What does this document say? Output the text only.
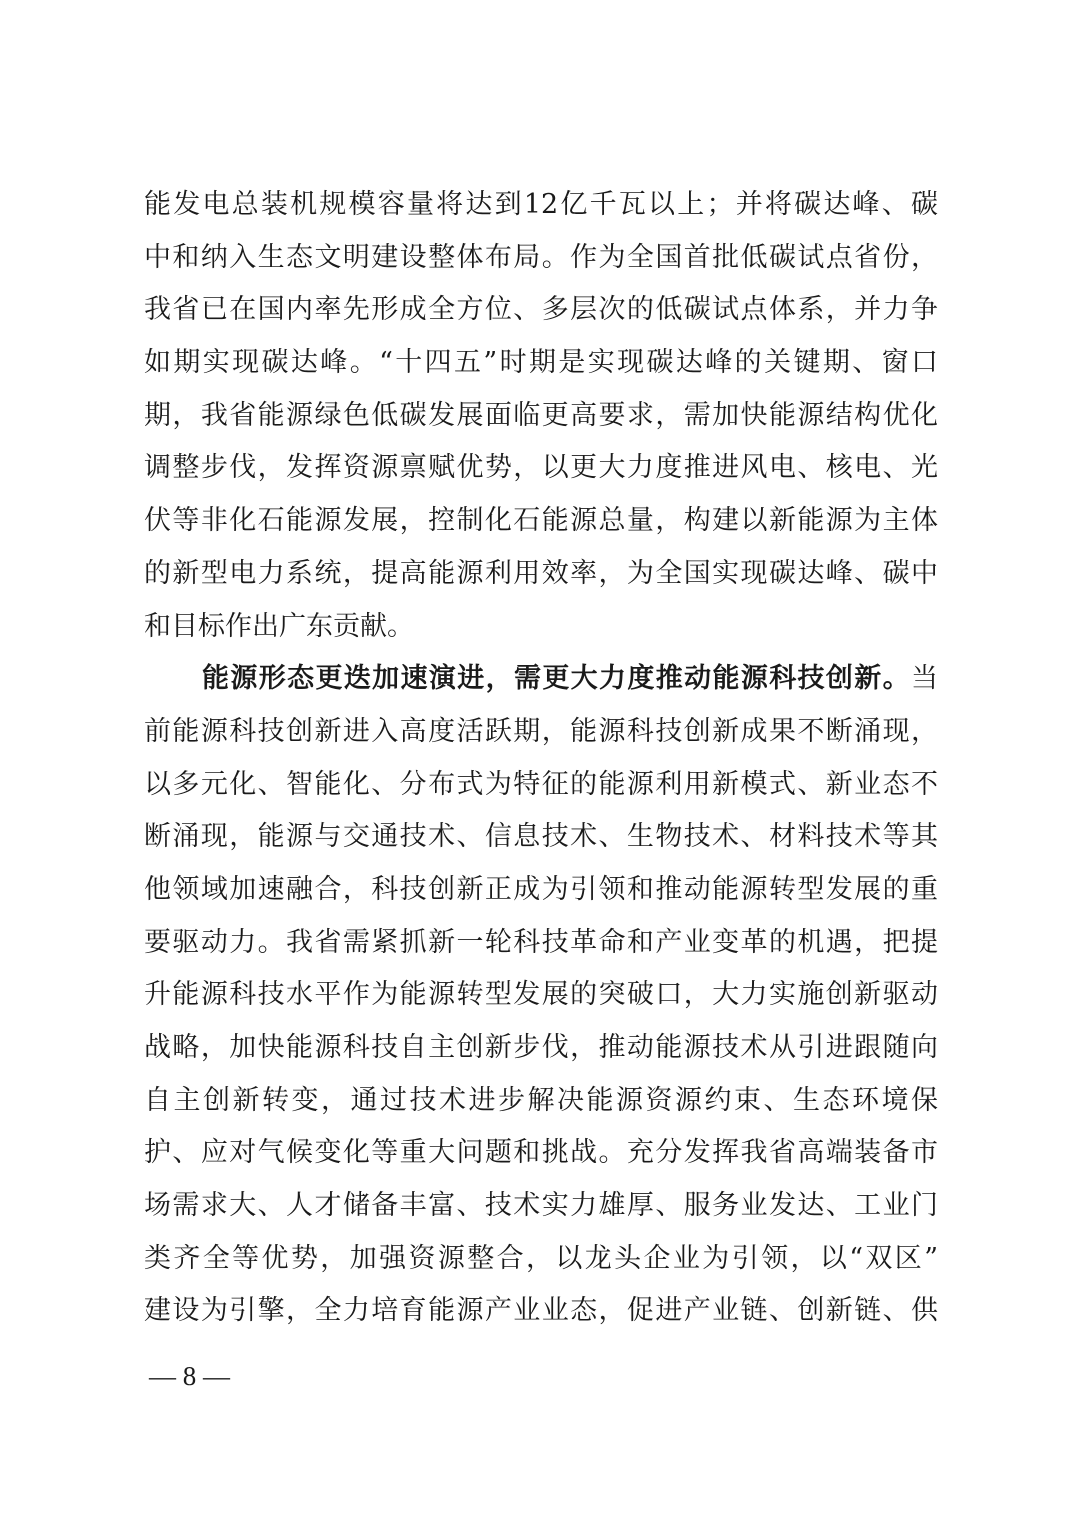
能发电总装机规模容量将达到12亿千瓦以上；并将碳达峰、碳
中和纳入生态文明建设整体布局。作为全国首批低碳试点省份，
我省已在国内率先形成全方位、多层次的低碳试点体系，并力争
如期实现碳达峰。“十四五”时期是实现碳达峰的关键期、窗口
期，我省能源绿色低碳发展面临更高要求，需加快能源结构优化
调整步伐，发挥资源禀赋优势，以更大力度推进风电、核电、光
伏等非化石能源发展，控制化石能源总量，构建以新能源为主体
的新型电力系统，提高能源利用效率，为全国实现碳达峰、碳中
和目标作出广东贡献。
能源形态更迭加速演进，需更大力度推动能源科技创新。当
前能源科技创新进入高度活跃期，能源科技创新成果不断涌现，
以多元化、智能化、分布式为特征的能源利用新模式、新业态不
断涌现，能源与交通技术、信息技术、生物技术、材料技术等其
他领域加速融合，科技创新正成为引领和推动能源转型发展的重
要驱动力。我省需紧抓新一轮科技革命和产业变革的机遇，把提
升能源科技水平作为能源转型发展的突破口，大力实施创新驱动
战略，加快能源科技自主创新步伐，推动能源技术从引进跟随向
自主创新转变，通过技术进步解决能源资源约束、生态环境保
护、应对气候变化等重大问题和挑战。充分发挥我省高端装备市
场需求大、人才储备丰富、技术实力雄厚、服务业发达、工业门
类齐全等优势，加强资源整合，以龙头企业为引领，以“双区”
建设为引擎，全力培育能源产业业态，促进产业链、创新链、供
— 8 —
